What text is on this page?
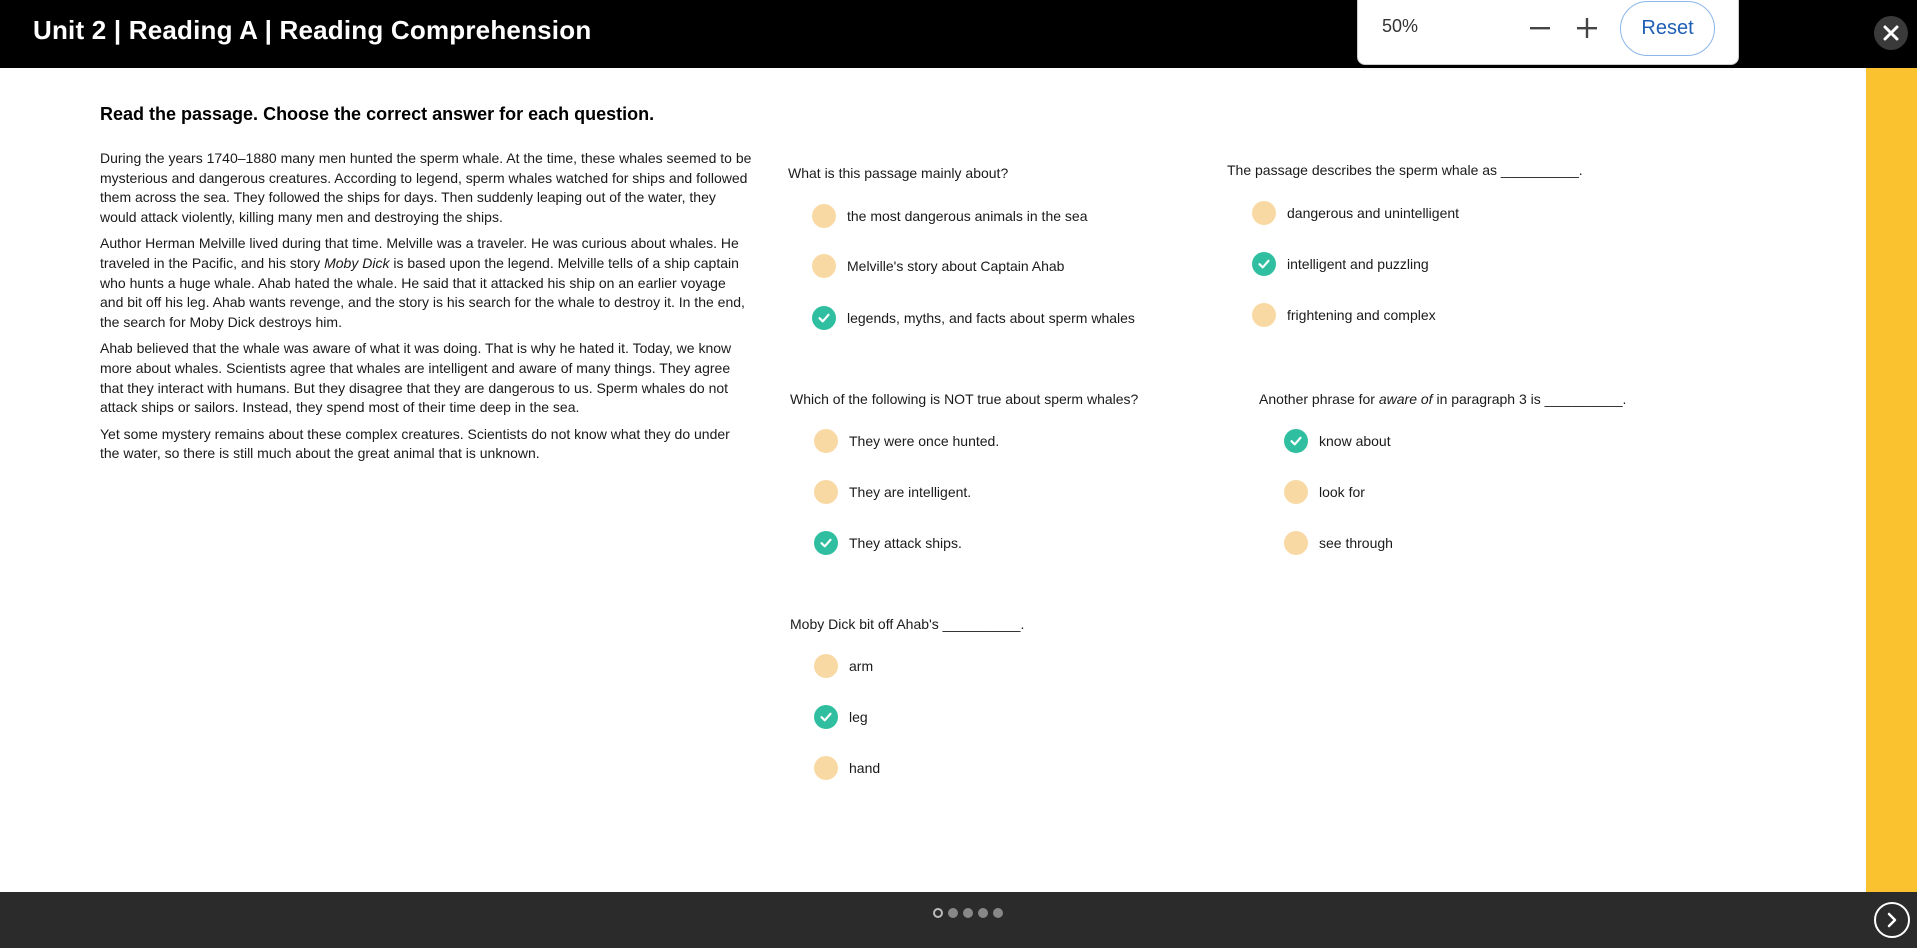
Unit 2 | Reading A | Reading Comprehension	50%	Reset
Read the passage. Choose the correct answer for each question.

During the years 1740–1880 many men hunted the sperm whale. At the time, these whales seemed to be mysterious and dangerous creatures. According to legend, sperm whales watched for ships and followed them across the sea. They followed the ships for days. Then suddenly leaping out of the water, they would attack violently, killing many men and destroying the ships.

Author Herman Melville lived during that time. Melville was a traveler. He was curious about whales. He traveled in the Pacific, and his story Moby Dick is based upon the legend. Melville tells of a ship captain who hunts a huge whale. Ahab hated the whale. He said that it attacked his ship on an earlier voyage and bit off his leg. Ahab wants revenge, and the story is his search for the whale to destroy it. In the end, the search for Moby Dick destroys him.

Ahab believed that the whale was aware of what it was doing. That is why he hated it. Today, we know more about whales. Scientists agree that whales are intelligent and aware of many things. They agree that they interact with humans. But they disagree that they are dangerous to us. Sperm whales do not attack ships or sailors. Instead, they spend most of their time deep in the sea.

Yet some mystery remains about these complex creatures. Scientists do not know what they do under the water, so there is still much about the great animal that is unknown.

What is this passage mainly about?
the most dangerous animals in the sea
Melville's story about Captain Ahab
legends, myths, and facts about sperm whales
The passage describes the sperm whale as __________.
dangerous and unintelligent
intelligent and puzzling
frightening and complex
Which of the following is NOT true about sperm whales?
They were once hunted.
They are intelligent.
They attack ships.
Another phrase for aware of in paragraph 3 is __________.
know about
look for
see through
Moby Dick bit off Ahab's __________.
arm
leg
hand
